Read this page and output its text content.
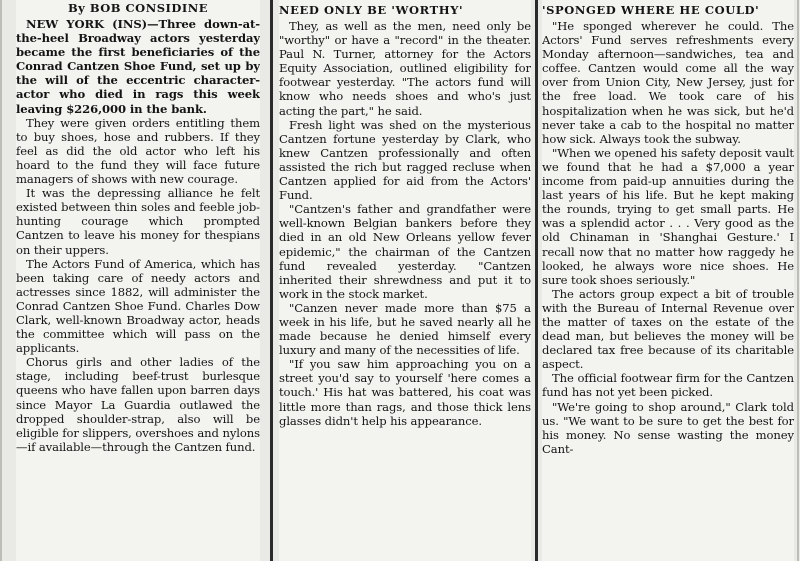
By BOB CONSIDINE

NEW YORK (INS)—Three down-at-the-heel Broadway actors yesterday became the first beneficiaries of the Conrad Cantzen Shoe Fund, set up by the will of the eccentric character-actor who died in rags this week leaving $226,000 in the bank.

They were given orders entitling them to buy shoes, hose and rubbers. If they feel as did the old actor who left his hoard to the fund they will face future managers of shows with new courage.

It was the depressing alliance he felt existed between thin soles and feeble job-hunting courage which prompted Cantzen to leave his money for thespians on their uppers.

The Actors Fund of America, which has been taking care of needy actors and actresses since 1882, will administer the Conrad Cantzen Shoe Fund. Charles Dow Clark, well-known Broadway actor, heads the committee which will pass on the applicants.

Chorus girls and other ladies of the stage, including beef-trust burlesque queens who have fallen upon barren days since Mayor La Guardia outlawed the dropped shoulder-strap, also will be eligible for slippers, overshoes and nylons —if available—through the Cantzen fund.

NEED ONLY BE 'WORTHY'

They, as well as the men, need only be "worthy" or have a "record" in the theater. Paul N. Turner, attorney for the Actors Equity Association, outlined eligibility for footwear yesterday. "The actors fund will know who needs shoes and who's just acting the part," he said.

Fresh light was shed on the mysterious Cantzen fortune yesterday by Clark, who knew Cantzen professionally and often assisted the rich but ragged recluse when Cantzen applied for aid from the Actors' Fund.

"Cantzen's father and grandfather were well-known Belgian bankers before they died in an old New Orleans yellow fever epidemic," the chairman of the Cantzen fund revealed yesterday. "Cantzen inherited their shrewdness and put it to work in the stock market.

"Canzen never made more than $75 a week in his life, but he saved nearly all he made because he denied himself every luxury and many of the necessities of life.

"If you saw him approaching you on a street you'd say to yourself 'here comes a touch.' His hat was battered, his coat was little more than rags, and those thick lens glasses didn't help his appearance.

'SPONGED WHERE HE COULD'

"He sponged wherever he could. The Actors' Fund serves refreshments every Monday afternoon—sandwiches, tea and coffee. Cantzen would come all the way over from Union City, New Jersey, just for the free load. We took care of his hospitalization when he was sick, but he'd never take a cab to the hospital no matter how sick. Always took the subway.

"When we opened his safety deposit vault we found that he had a $7,000 a year income from paid-up annuities during the last years of his life. But he kept making the rounds, trying to get small parts. He was a splendid actor . . . Very good as the old Chinaman in 'Shanghai Gesture.' I recall now that no matter how raggedy he looked, he always wore nice shoes. He sure took shoes seriously."

The actors group expect a bit of trouble with the Bureau of Internal Revenue over the matter of taxes on the estate of the dead man, but believes the money will be declared tax free because of its charitable aspect.

The official footwear firm for the Cantzen fund has not yet been picked.

"We're going to shop around," Clark told us. "We want to be sure to get the best for his money. No sense wasting the money Cant-
